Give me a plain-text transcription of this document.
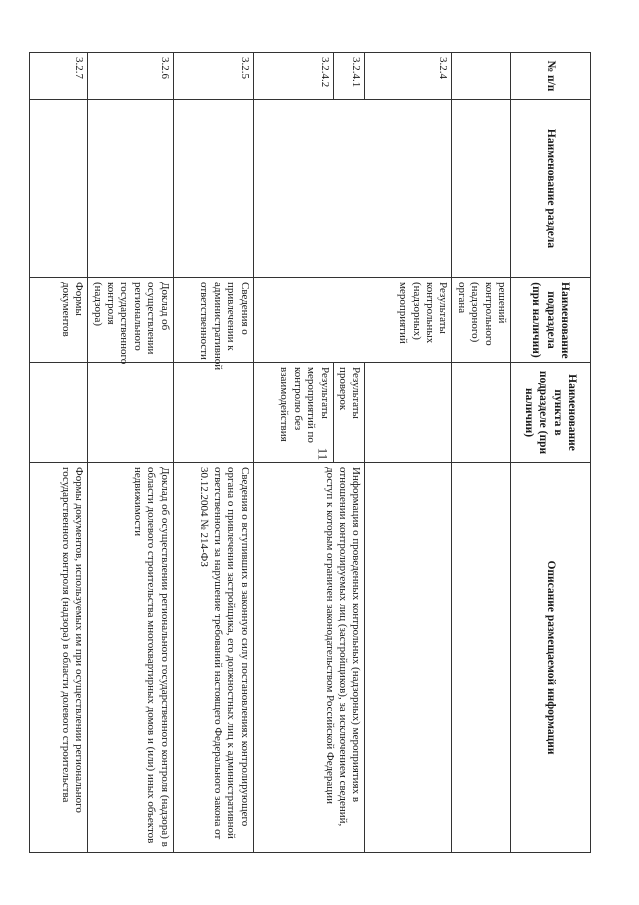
11
№ п/п	Наименование раздела	Наименование подраздела (при наличии)	Наименование пункта в подразделе (при наличии)	Описание размещаемой информации
		решений контрольного (надзорного) органа		
3.2.4		Результаты контрольных (надзорных) мероприятий		
3.2.4.1			Результаты проверок	Информация о проведенных контрольных (надзорных) мероприятиях в отношении контролируемых лиц (застройщиков), за исключением сведений, доступ к которым ограничен законодательством Российской Федерации
3.2.4.2			Результаты мероприятий по контролю без взаимодействия	
3.2.5		Сведения о привлечении к административной ответственности		Сведения о вступивших в законную силу постановлениях контролирующего органа о привлечении застройщика, его должностных лиц к административной ответственности за нарушение требований настоящего Федерального закона от 30.12.2004 № 214-ФЗ
3.2.6		Доклад об осуществлении регионального государственного контроля (надзора)		Доклад об осуществлении регионального государственного контроля (надзора) в области долевого строительства многоквартирных домов и (или) иных объектов недвижимости
3.2.7		Формы документов		Формы документов, используемых им при осуществлении регионального государственного контроля (надзора) в области долевого строительства
